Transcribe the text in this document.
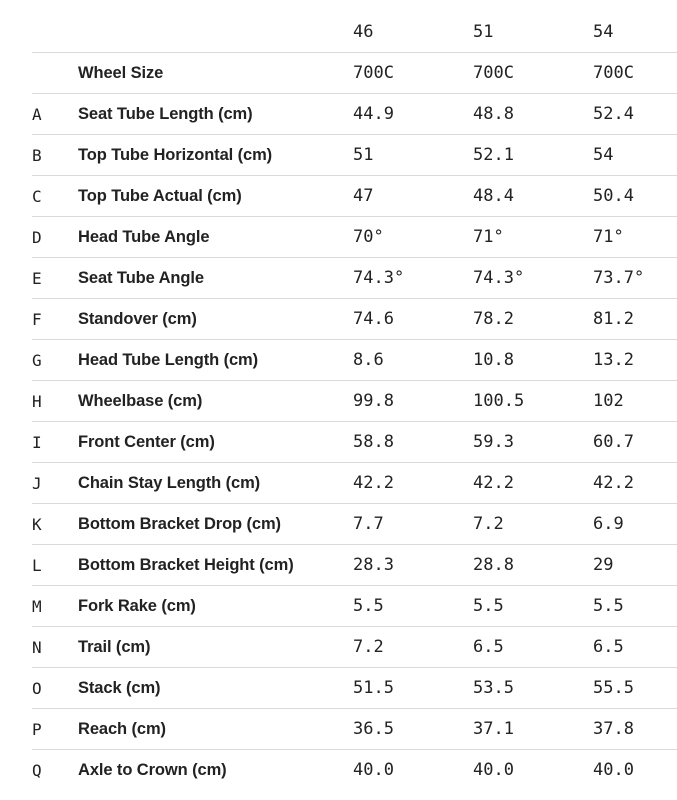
		46	51	54
	Wheel Size	700C	700C	700C
A	Seat Tube Length (cm)	44.9	48.8	52.4
B	Top Tube Horizontal (cm)	51	52.1	54
C	Top Tube Actual (cm)	47	48.4	50.4
D	Head Tube Angle	70°	71°	71°
E	Seat Tube Angle	74.3°	74.3°	73.7°
F	Standover (cm)	74.6	78.2	81.2
G	Head Tube Length (cm)	8.6	10.8	13.2
H	Wheelbase (cm)	99.8	100.5	102
I	Front Center (cm)	58.8	59.3	60.7
J	Chain Stay Length (cm)	42.2	42.2	42.2
K	Bottom Bracket Drop (cm)	7.7	7.2	6.9
L	Bottom Bracket Height (cm)	28.3	28.8	29
M	Fork Rake (cm)	5.5	5.5	5.5
N	Trail (cm)	7.2	6.5	6.5
O	Stack (cm)	51.5	53.5	55.5
P	Reach (cm)	36.5	37.1	37.8
Q	Axle to Crown (cm)	40.0	40.0	40.0
